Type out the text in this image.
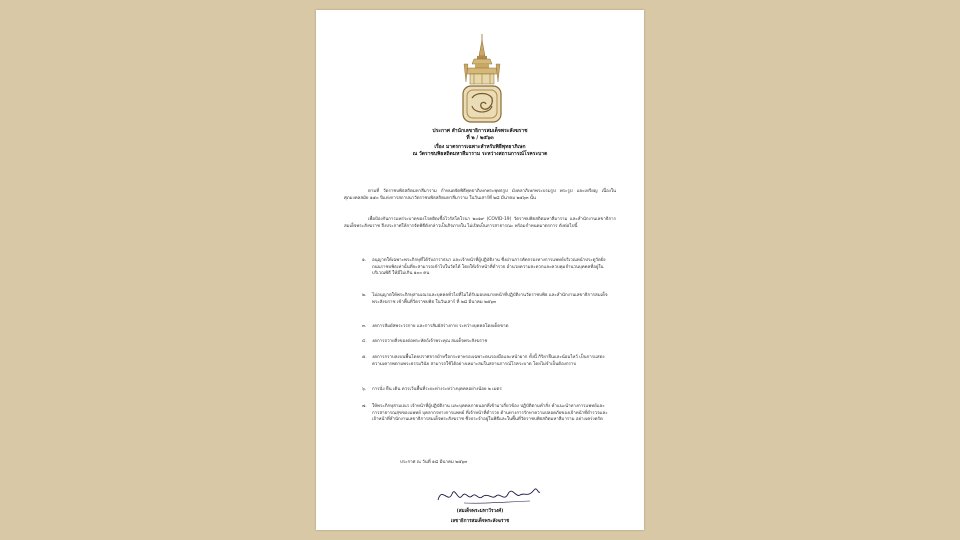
ประกาศ สำนักเลขาธิการสมเด็จพระสังฆราช
ที่ ๒ / ๒๕๖๓
เรื่อง มาตรการเฉพาะสำหรับพิธีพุทธาภิเษก
ณ วัดราชบพิธสถิตมหาสีมาราม ระหว่างสถานการณ์โรคระบาด
ตามที่ วัดราชบพิธสถิตมหาสีมาราม กำหนดจัดพิธีพุทธาภิเษกพระพุทธรูป มังคลาภิเษกพระบรมรูป พระรูป และเหรียญ เนื่องในศุภมงคลสมัย ๑๕๐ ปีแห่งการสถาปนาวัดราชบพิธสถิตมหาสีมาราม ในวันเสาร์ที่ ๒๘ มีนาคม ๒๕๖๓ นั้น
เพื่อป้องกันการแพร่ระบาดของโรคติดเชื้อไวรัสโคโรนา ๒๐๑๙ (COVID-19) วัดราชบพิธสถิตมหาสีมาราม และสำนักงานเลขาธิการสมเด็จพระสังฆราช จึงประกาศให้การจัดพิธีดังกล่าวเป็นกิจภายใน ไม่เปิดเป็นการสาธารณะ พร้อมกำหนดมาตรการ ดังต่อไปนี้
๑. อนุญาตให้เฉพาะพระภิกษุที่ได้รับอาราธนา และเจ้าหน้าที่ผู้ปฏิบัติงาน ซึ่งผ่านการคัดกรองทางการแพทย์บริเวณหน้าประตูวัดฝั่งถนนราชบพิธเท่านั้นที่จะสามารถเข้าไปในวัดได้ โดยให้เจ้าหน้าที่ตำรวจ อำนวยความสะดวกและควบคุมจำนวนบุคคลที่อยู่ในบริเวณพิธี ให้มีไม่เกิน ๑๐๐ คน
๒. ไม่อนุญาตให้พระภิกษุสามเณรและบุคคลทั่วไปที่ไม่ได้รับมอบหมายหน้าที่ปฏิบัติงานวัดราชบพิธ และสำนักงานเลขาธิการสมเด็จพระสังฆราช เข้าพื้นที่วัดราชบพิธ ในวันเสาร์ ที่ ๒๘ มีนาคม ๒๕๖๓
๓. งดการสัมผัสพระวรกาย และการสัมผัสร่างกาย ระหว่างบุคคลโดยเด็ดขาด
๔. งดการถวายสิ่งของต่อพระหัตถ์เจ้าพระคุณ สมเด็จพระสังฆราช
๕. งดการกราบลงบนพื้นโดยปราศจากผ้าหรือกระดาษรองเฉพาะตนรองมือและหน้าผาก ทั้งนี้ กิริยายืนและน้อมไหว้ เป็นการแสดงความเคารพตามพระธรรมวินัย สามารถใช้ได้อย่างเหมาะสมในสถานการณ์โรคระบาด โดยไม่จำเป็นต้องกราบ
๖. การนั่ง ยืน เดิน ควรเว้นพื้นที่ระยะห่างระหว่างบุคคลอย่างน้อย ๒ เมตร
๗. ให้พระภิกษุสามเณร เจ้าหน้าที่ผู้ปฏิบัติงาน และบุคคลภายนอกที่เข้ามาเกี่ยวข้อง ปฏิบัติตามคำสั่ง คำแนะนำทางการแพทย์และการสาธารณสุขของแพทย์ บุคลากรทางการแพทย์ ที่เจ้าหน้าที่ตำรวจ ด้านทางการรักษาความปลอดภัยของเจ้าหน้าที่ตำรวจและเจ้าหน้าที่สำนักงานเลขาธิการสมเด็จพระสังฆราช ซึ่งประจำอยู่ในพิธีและในพื้นที่วัดราชบพิธสถิตมหาสีมาราม อย่างเคร่งครัด
ประกาศ ณ วันที่ ๑๘ มีนาคม ๒๕๖๓
(สมเด็จพระมหาวีรวงศ์)
เลขาธิการสมเด็จพระสังฆราช
